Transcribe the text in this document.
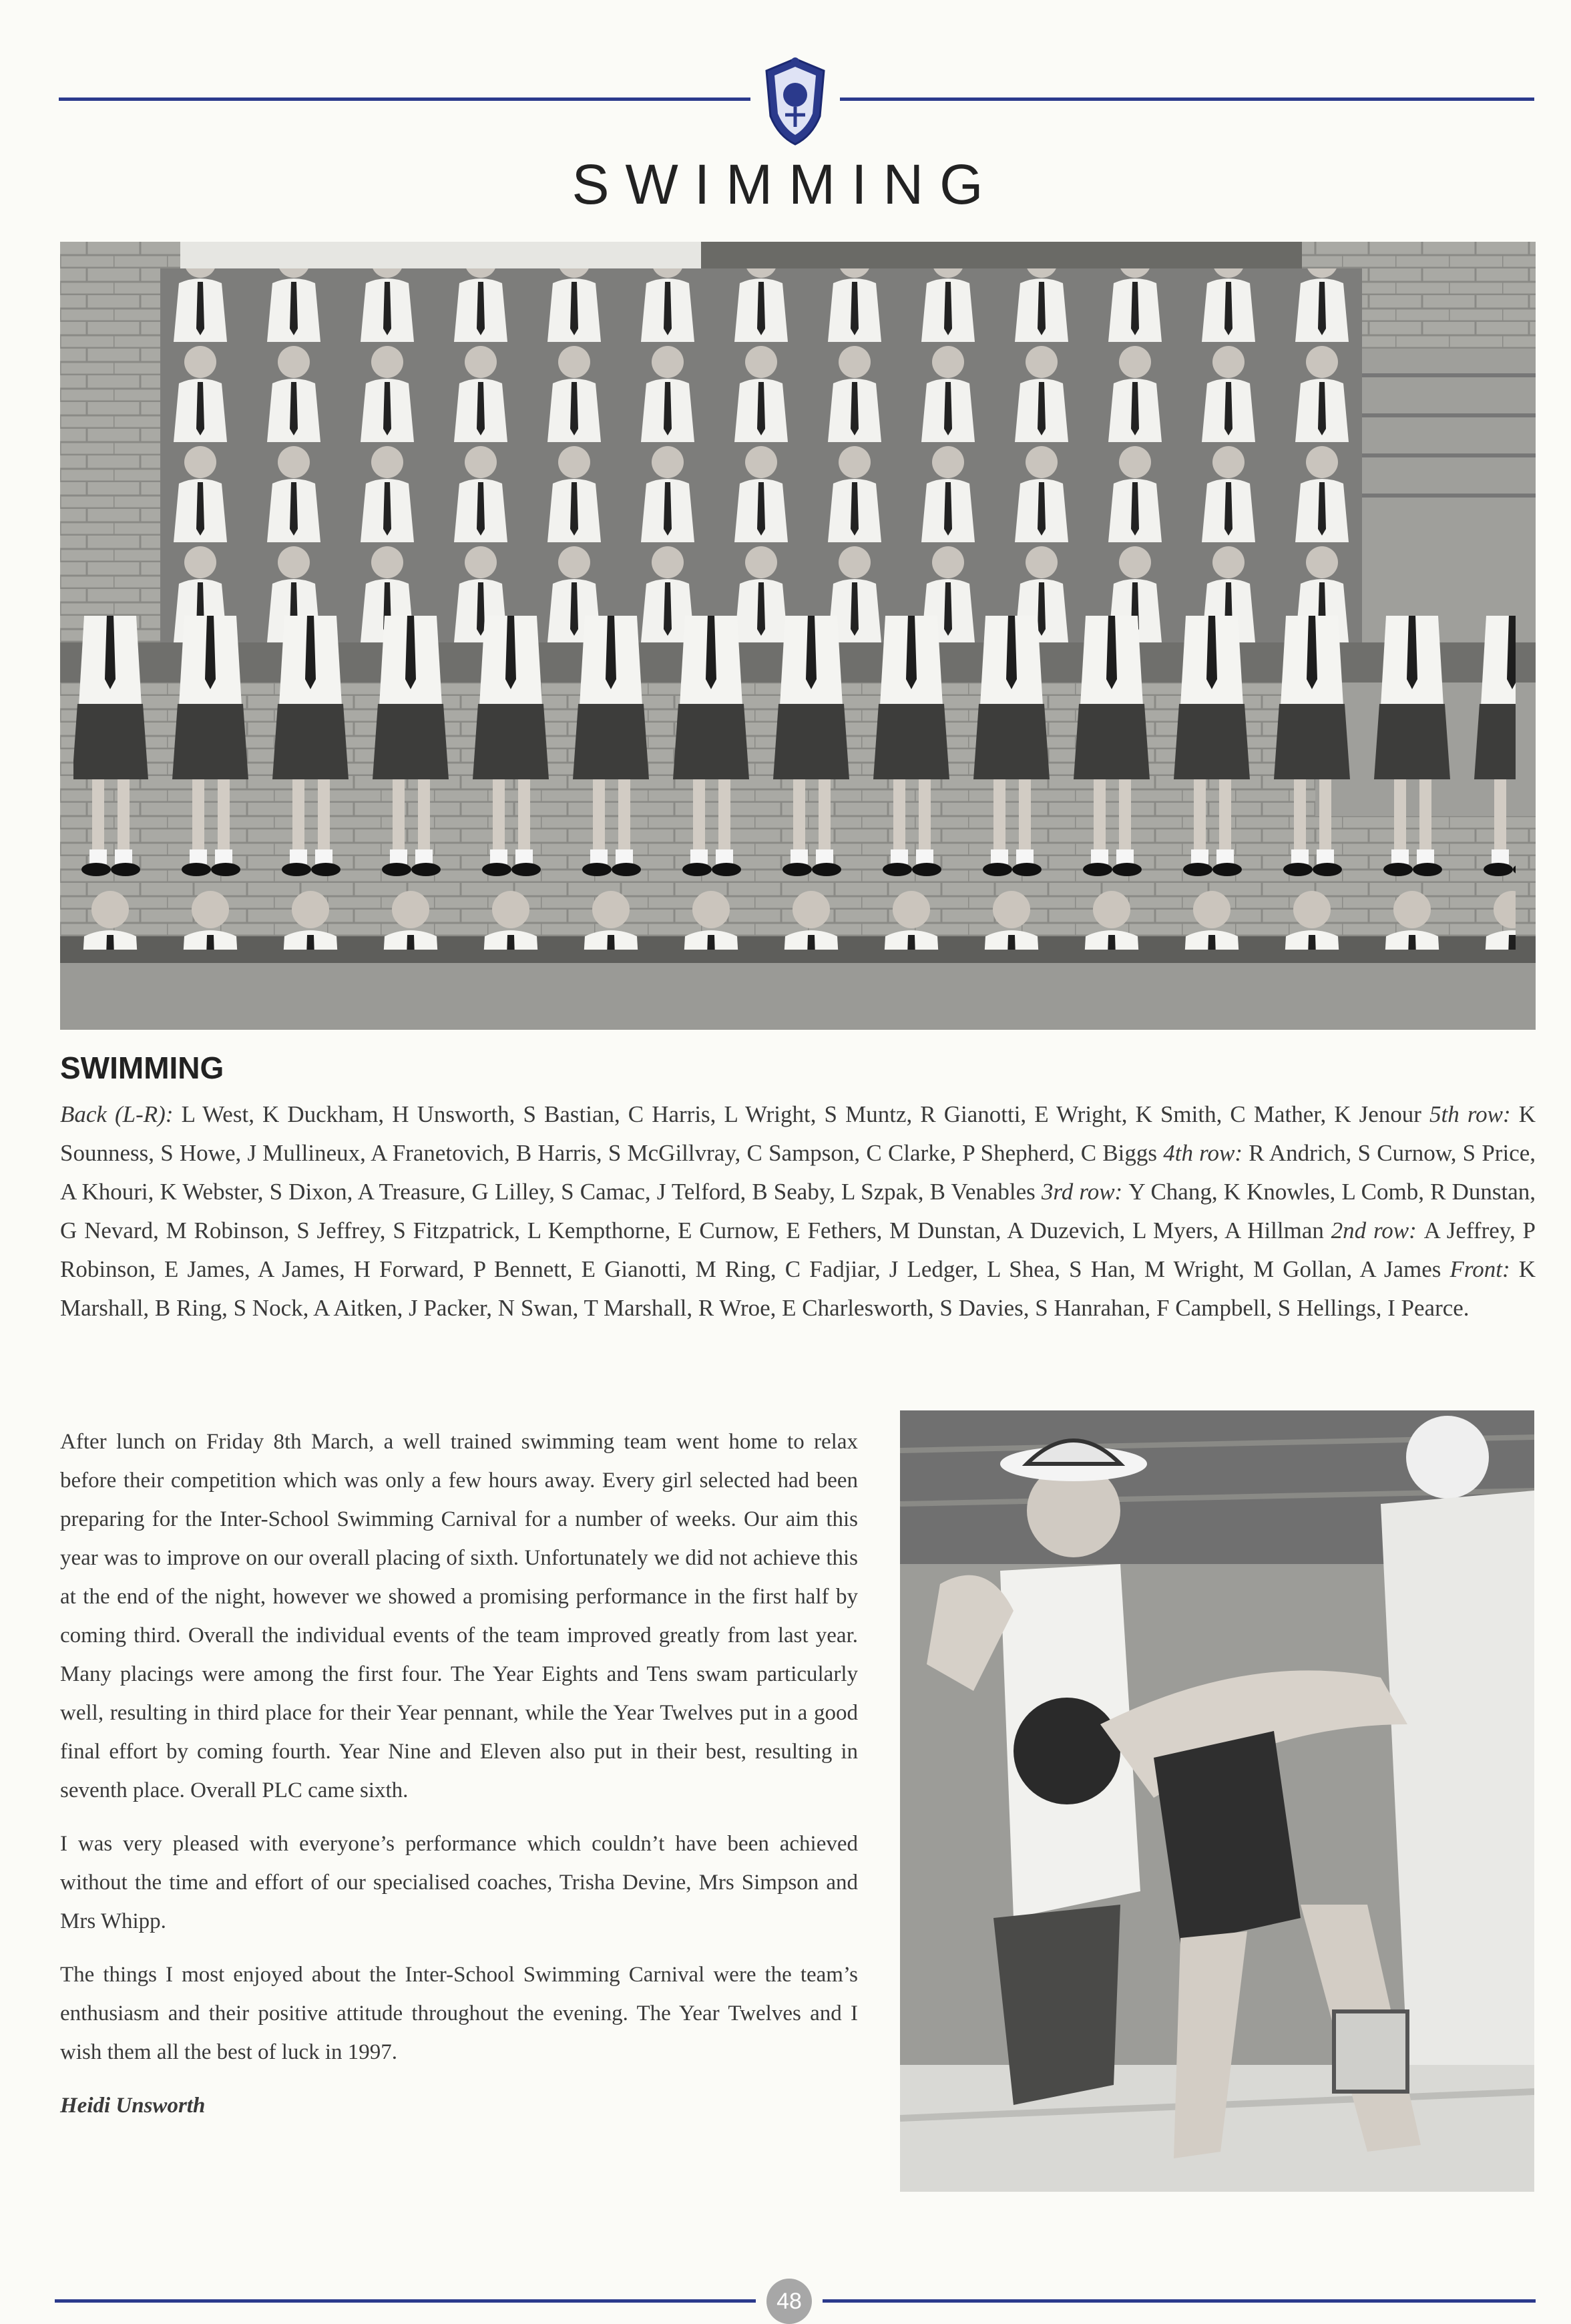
SWIMMING
SWIMMING
Back (L-R): L West, K Duckham, H Unsworth, S Bastian, C Harris, L Wright, S Muntz, R Gianotti, E Wright, K Smith, C Mather, K Jenour 5th row: K Sounness, S Howe, J Mullineux, A Franetovich, B Harris, S McGillvray, C Sampson, C Clarke, P Shepherd, C Biggs 4th row: R Andrich, S Curnow, S Price, A Khouri, K Webster, S Dixon, A Treasure, G Lilley, S Camac, J Telford, B Seaby, L Szpak, B Venables 3rd row: Y Chang, K Knowles, L Comb, R Dunstan, G Nevard, M Robinson, S Jeffrey, S Fitzpatrick, L Kempthorne, E Curnow, E Fethers, M Dunstan, A Duzevich, L Myers, A Hillman 2nd row: A Jeffrey, P Robinson, E James, A James, H Forward, P Bennett, E Gianotti, M Ring, C Fadjiar, J Ledger, L Shea, S Han, M Wright, M Gollan, A James Front: K Marshall, B Ring, S Nock, A Aitken, J Packer, N Swan, T Marshall, R Wroe, E Charlesworth, S Davies, S Hanrahan, F Campbell, S Hellings, I Pearce.

After lunch on Friday 8th March, a well trained swimming team went home to relax before their competition which was only a few hours away. Every girl selected had been preparing for the Inter-School Swimming Carnival for a number of weeks. Our aim this year was to improve on our overall placing of sixth. Unfortunately we did not achieve this at the end of the night, however we showed a promising performance in the first half by coming third. Overall the individual events of the team improved greatly from last year. Many placings were among the first four. The Year Eights and Tens swam particularly well, resulting in third place for their Year pennant, while the Year Twelves put in a good final effort by coming fourth. Year Nine and Eleven also put in their best, resulting in seventh place. Overall PLC came sixth.

I was very pleased with everyone’s performance which couldn’t have been achieved without the time and effort of our specialised coaches, Trisha Devine, Mrs Simpson and Mrs Whipp.

The things I most enjoyed about the Inter-School Swimming Carnival were the team’s enthusiasm and their positive attitude throughout the evening. The Year Twelves and I wish them all the best of luck in 1997.

Heidi Unsworth

48
